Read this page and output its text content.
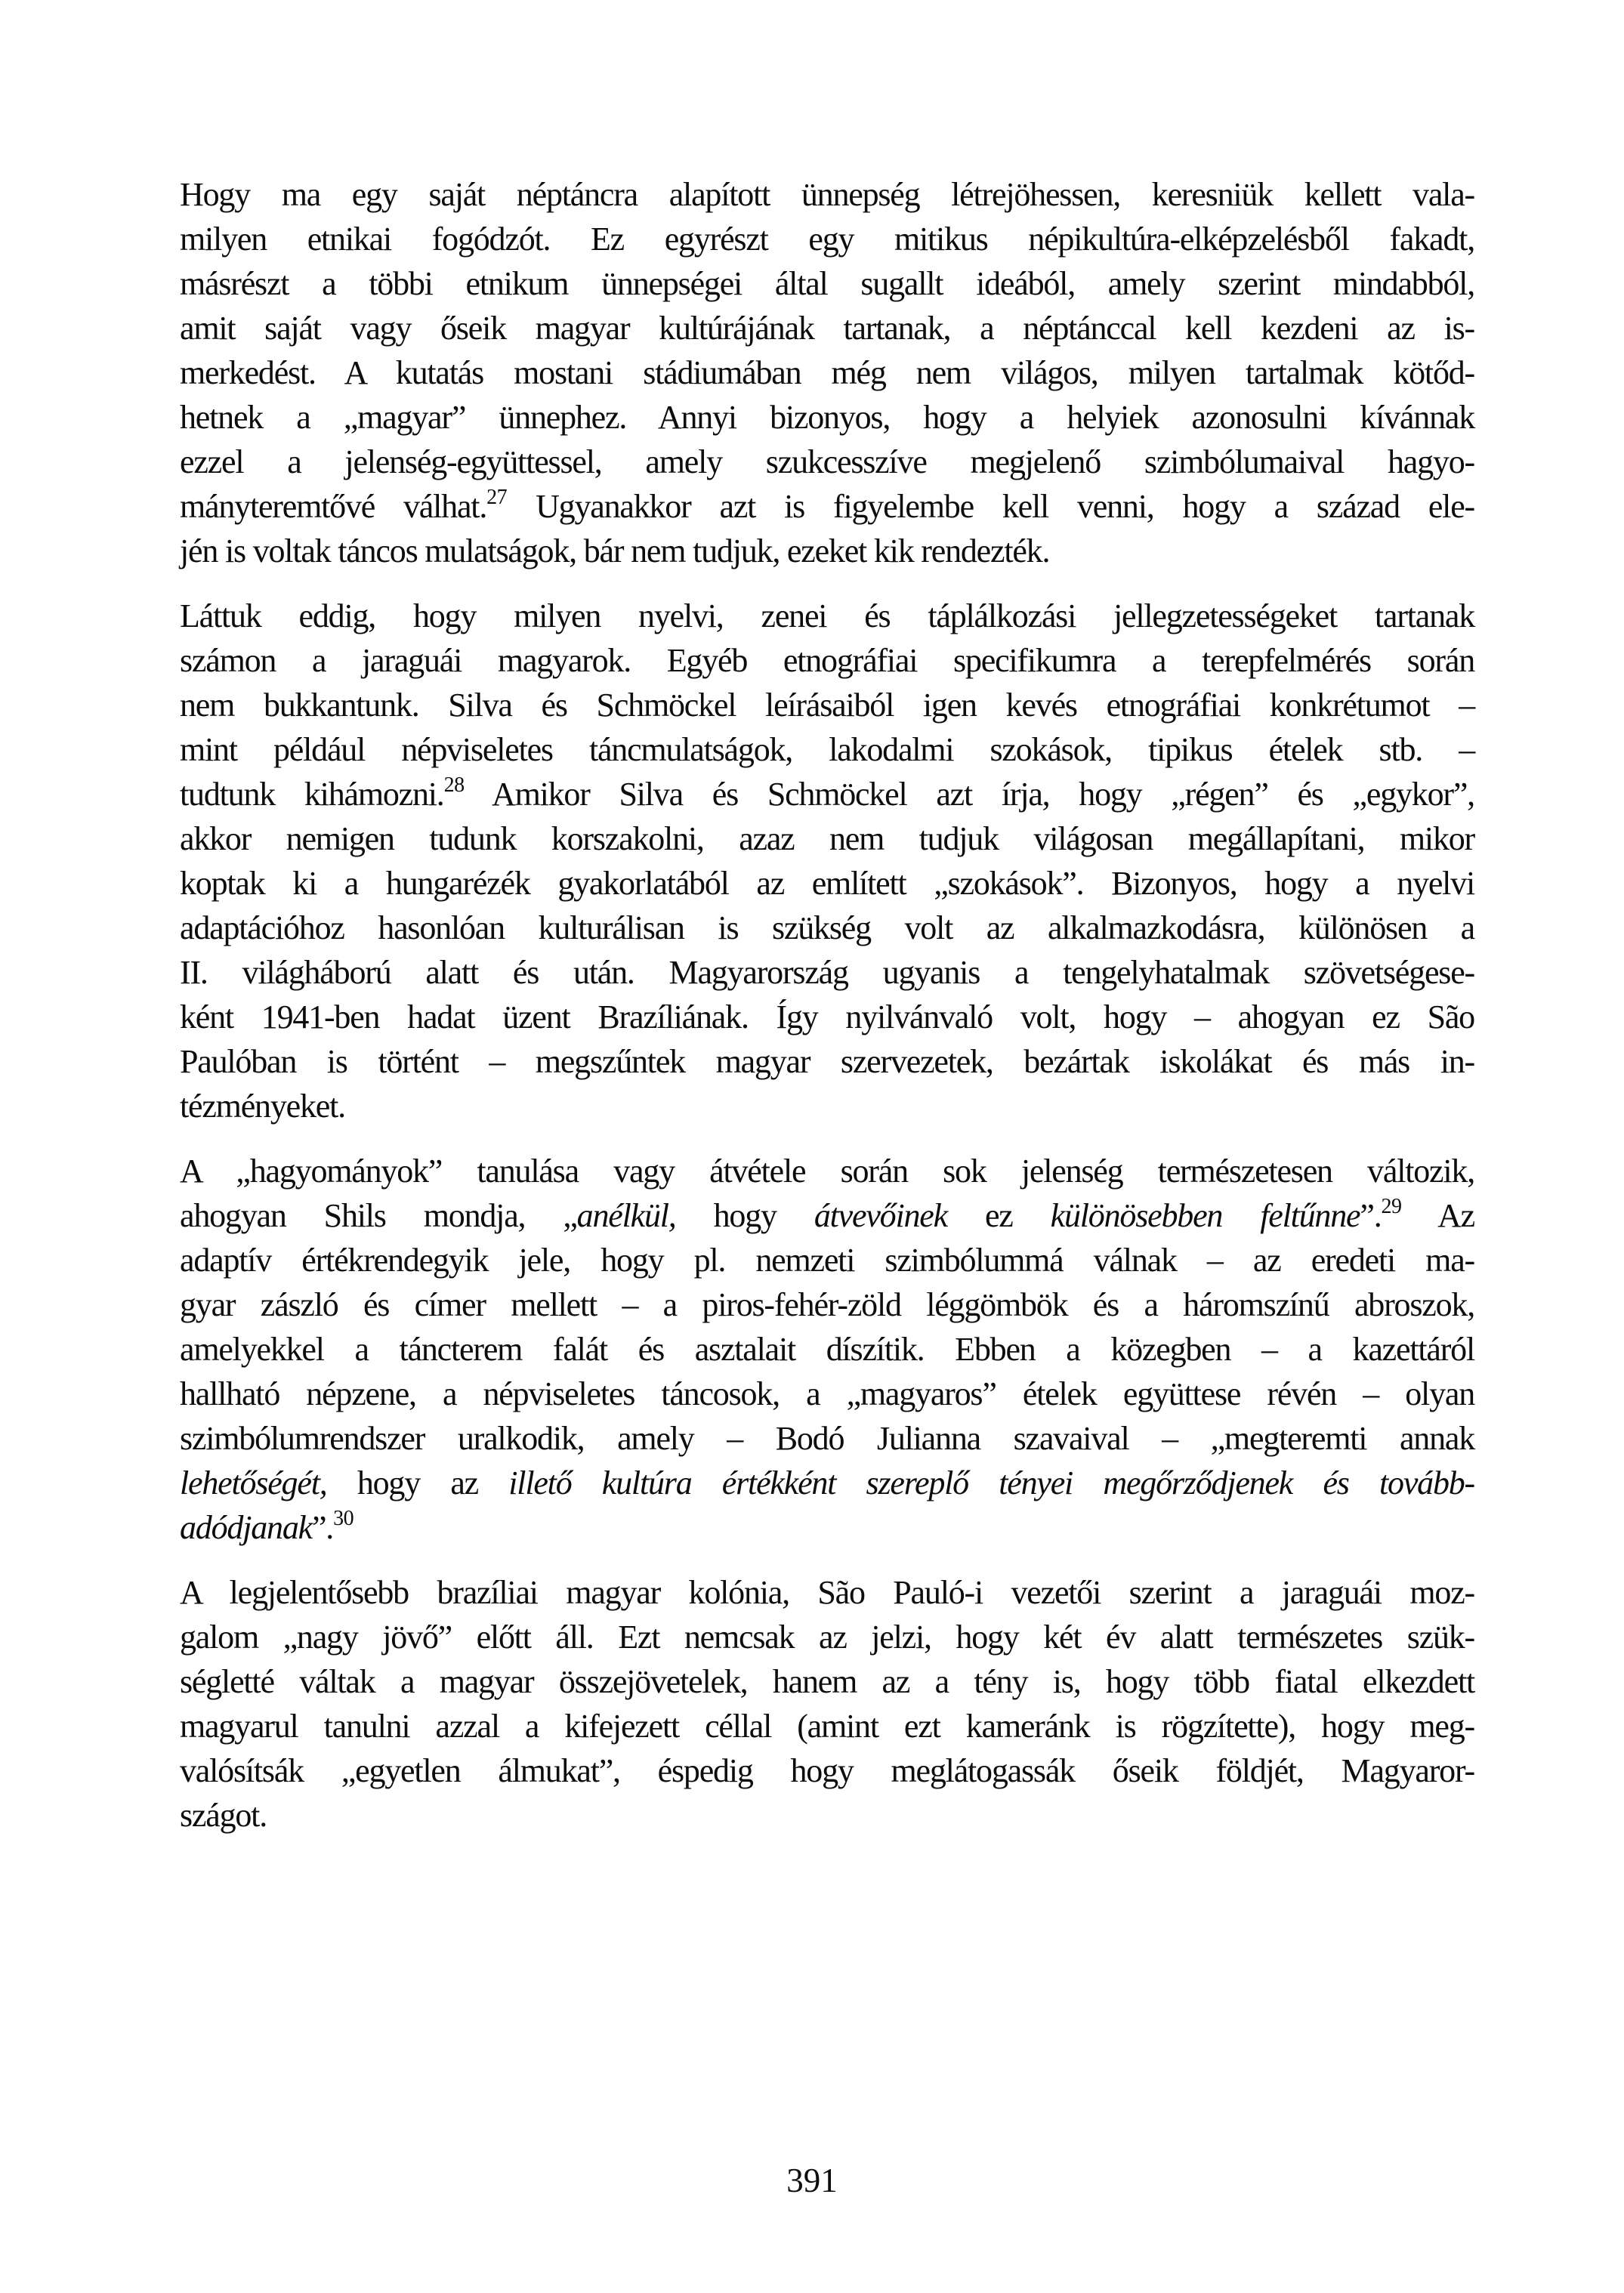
Hogy ma egy saját néptáncra alapított ünnepség létrejöhessen, keresniük kellett vala-
milyen etnikai fogódzót. Ez egyrészt egy mitikus népikultúra-elképzelésből fakadt,
másrészt a többi etnikum ünnepségei által sugallt ideából, amely szerint mindabból,
amit saját vagy őseik magyar kultúrájának tartanak, a néptánccal kell kezdeni az is-
merkedést. A kutatás mostani stádiumában még nem világos, milyen tartalmak kötőd-
hetnek a „magyar” ünnephez. Annyi bizonyos, hogy a helyiek azonosulni kívánnak
ezzel a jelenség-együttessel, amely szukcesszíve megjelenő szimbólumaival hagyo-
mányteremtővé válhat.$^{27}$ Ugyanakkor azt is figyelembe kell venni, hogy a század ele-
jén is voltak táncos mulatságok, bár nem tudjuk, ezeket kik rendezték.
Láttuk eddig, hogy milyen nyelvi, zenei és táplálkozási jellegzetességeket tartanak
számon a jaraguái magyarok. Egyéb etnográfiai specifikumra a terepfelmérés során
nem bukkantunk. Silva és Schmöckel leírásaiból igen kevés etnográfiai konkrétumot –
mint például népviseletes táncmulatságok, lakodalmi szokások, tipikus ételek stb. –
tudtunk kihámozni.$^{28}$ Amikor Silva és Schmöckel azt írja, hogy „régen” és „egykor”,
akkor nemigen tudunk korszakolni, azaz nem tudjuk világosan megállapítani, mikor
koptak ki a hungarézék gyakorlatából az említett „szokások”. Bizonyos, hogy a nyelvi
adaptációhoz hasonlóan kulturálisan is szükség volt az alkalmazkodásra, különösen a
II. világháború alatt és után. Magyarország ugyanis a tengelyhatalmak szövetségese-
ként 1941-ben hadat üzent Brazíliának. Így nyilvánvaló volt, hogy – ahogyan ez São
Paulóban is történt – megszűntek magyar szervezetek, bezártak iskolákat és más in-
tézményeket.
A „hagyományok” tanulása vagy átvétele során sok jelenség természetesen változik,
ahogyan Shils mondja, „anélkül, hogy átvevőinek ez különösebben feltűnne”.$^{29}$ Az
adaptív értékrendegyik jele, hogy pl. nemzeti szimbólummá válnak – az eredeti ma-
gyar zászló és címer mellett – a piros-fehér-zöld léggömbök és a háromszínű abroszok,
amelyekkel a táncterem falát és asztalait díszítik. Ebben a közegben – a kazettáról
hallható népzene, a népviseletes táncosok, a „magyaros” ételek együttese révén – olyan
szimbólumrendszer uralkodik, amely – Bodó Julianna szavaival – „megteremti annak
lehetőségét, hogy az illető kultúra értékként szereplő tényei megőrződjenek és tovább-
adódjanak”.$^{30}$
A legjelentősebb brazíliai magyar kolónia, São Pauló-i vezetői szerint a jaraguái moz-
galom „nagy jövő” előtt áll. Ezt nemcsak az jelzi, hogy két év alatt természetes szük-
ségletté váltak a magyar összejövetelek, hanem az a tény is, hogy több fiatal elkezdett
magyarul tanulni azzal a kifejezett céllal (amint ezt kameránk is rögzítette), hogy meg-
valósítsák „egyetlen álmukat”, éspedig hogy meglátogassák őseik földjét, Magyaror-
szágot.
391
